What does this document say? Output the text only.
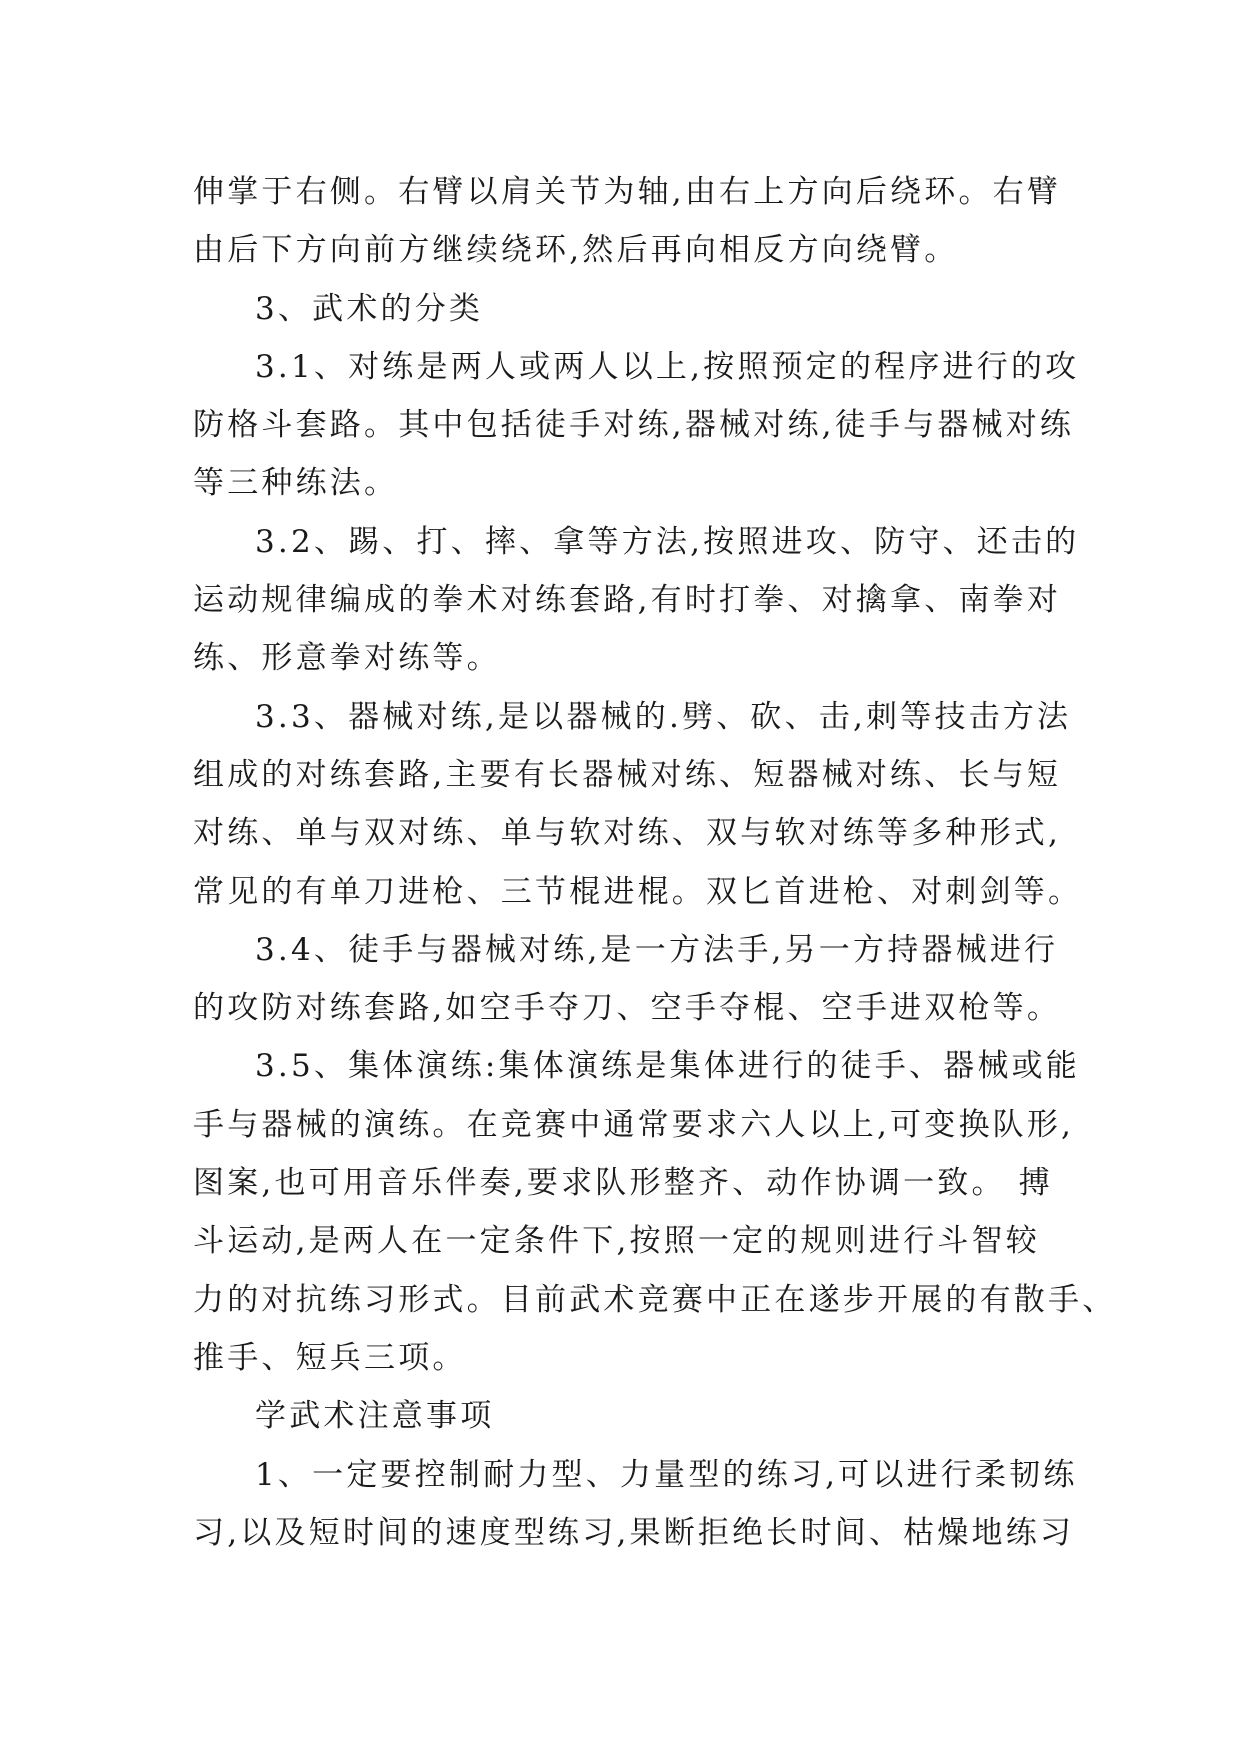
伸掌于右侧。右臂以肩关节为轴,由右上方向后绕环。右臂
由后下方向前方继续绕环,然后再向相反方向绕臂。
3、武术的分类
3.1、对练是两人或两人以上,按照预定的程序进行的攻
防格斗套路。其中包括徒手对练,器械对练,徒手与器械对练
等三种练法。
3.2、踢、打、摔、拿等方法,按照进攻、防守、还击的
运动规律编成的拳术对练套路,有时打拳、对擒拿、南拳对
练、形意拳对练等。
3.3、器械对练,是以器械的.劈、砍、击,刺等技击方法
组成的对练套路,主要有长器械对练、短器械对练、长与短
对练、单与双对练、单与软对练、双与软对练等多种形式,
常见的有单刀进枪、三节棍进棍。双匕首进枪、对刺剑等。
3.4、徒手与器械对练,是一方法手,另一方持器械进行
的攻防对练套路,如空手夺刀、空手夺棍、空手进双枪等。
3.5、集体演练:集体演练是集体进行的徒手、器械或能
手与器械的演练。在竞赛中通常要求六人以上,可变换队形,
图案,也可用音乐伴奏,要求队形整齐、动作协调一致。 搏
斗运动,是两人在一定条件下,按照一定的规则进行斗智较
力的对抗练习形式。目前武术竞赛中正在遂步开展的有散手、
推手、短兵三项。
学武术注意事项
1、一定要控制耐力型、力量型的练习,可以进行柔韧练
习,以及短时间的速度型练习,果断拒绝长时间、枯燥地练习
